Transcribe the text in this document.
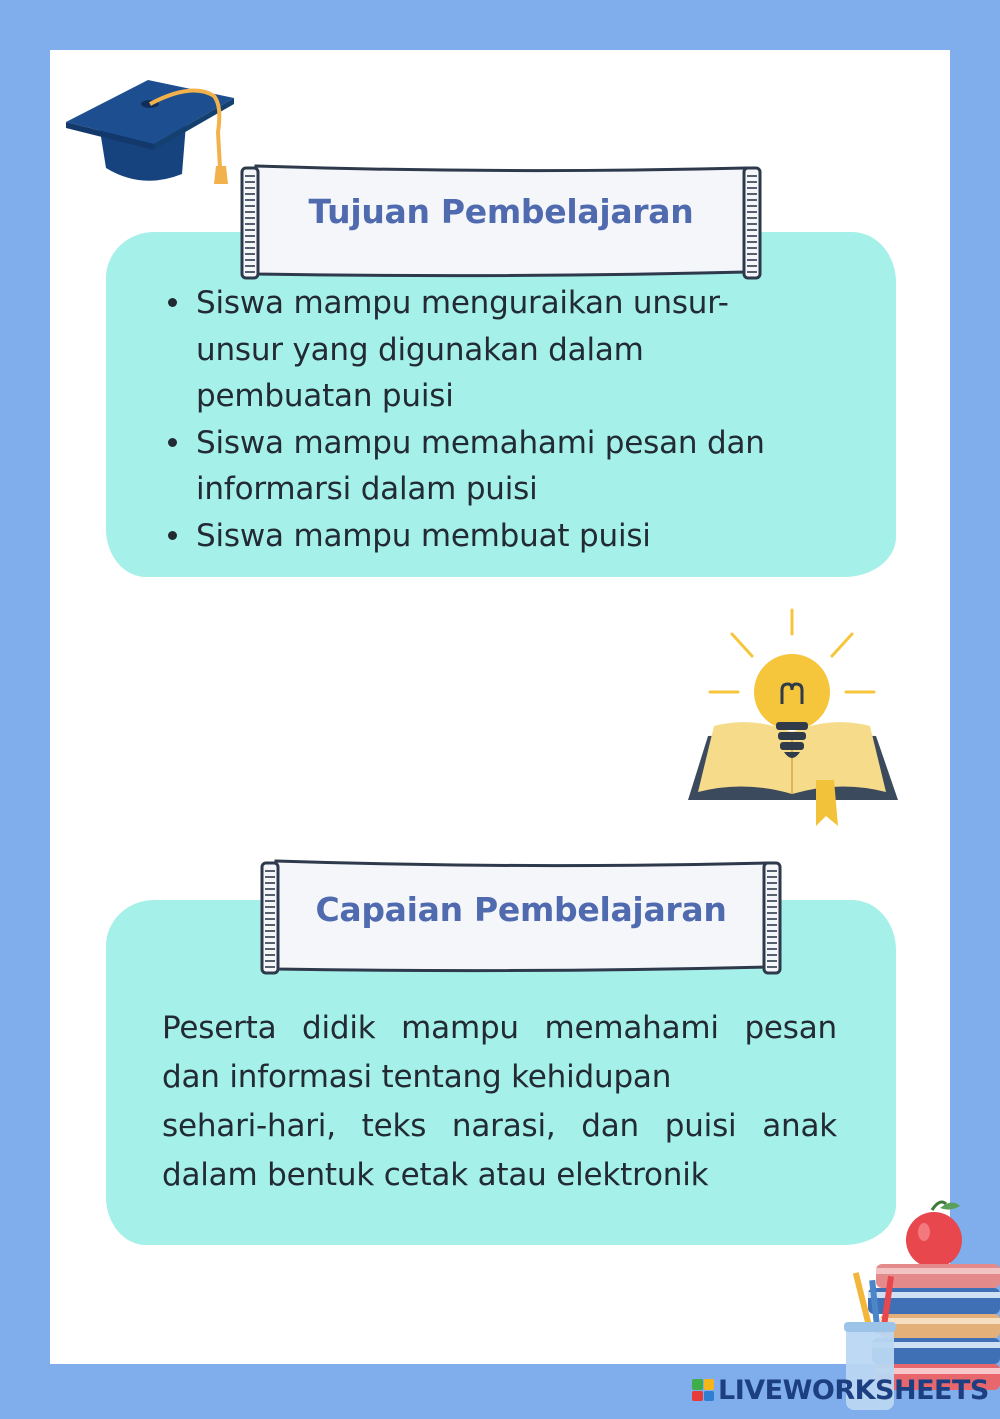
Tujuan Pembelajaran
Siswa mampu menguraikan unsur-
unsur yang digunakan dalam
pembuatan puisi
Siswa mampu memahami pesan dan
informarsi dalam puisi
Siswa mampu membuat puisi
Capaian Pembelajaran
Peserta didik mampu memahami pesan
dan informasi tentang kehidupan
sehari-hari, teks narasi, dan puisi anak
dalam bentuk cetak atau elektronik
LIVEWORKSHEETS
